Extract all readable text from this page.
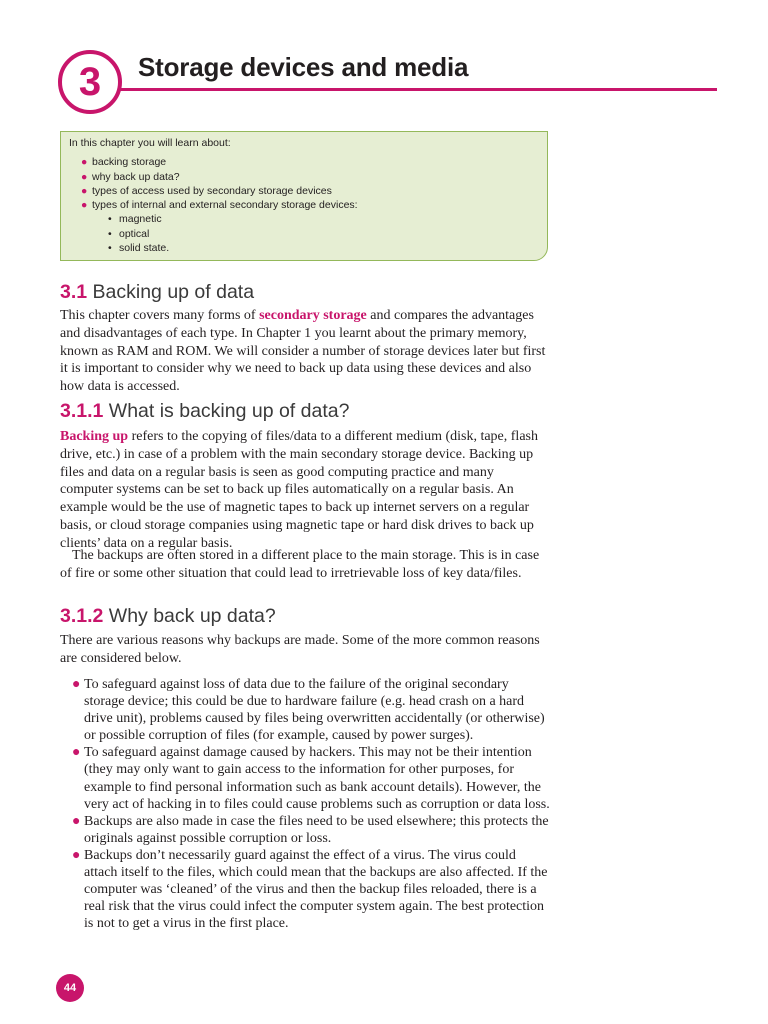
3 Storage devices and media
In this chapter you will learn about:
● backing storage
● why back up data?
● types of access used by secondary storage devices
● types of internal and external secondary storage devices:
• magnetic
• optical
• solid state.
3.1 Backing up of data

This chapter covers many forms of secondary storage and compares the advantages and disadvantages of each type. In Chapter 1 you learnt about the primary memory, known as RAM and ROM. We will consider a number of storage devices later but first it is important to consider why we need to back up data using these devices and also how data is accessed.

3.1.1 What is backing up of data?

Backing up refers to the copying of files/data to a different medium (disk, tape, flash drive, etc.) in case of a problem with the main secondary storage device. Backing up files and data on a regular basis is seen as good computing practice and many computer systems can be set to back up files automatically on a regular basis. An example would be the use of magnetic tapes to back up internet servers on a regular basis, or cloud storage companies using magnetic tape or hard disk drives to back up clients’ data on a regular basis.

The backups are often stored in a different place to the main storage. This is in case of fire or some other situation that could lead to irretrievable loss of key data/files.

3.1.2 Why back up data?

There are various reasons why backups are made. Some of the more common reasons are considered below.

● To safeguard against loss of data due to the failure of the original secondary storage device; this could be due to hardware failure (e.g. head crash on a hard drive unit), problems caused by files being overwritten accidentally (or otherwise) or possible corruption of files (for example, caused by power surges).
● To safeguard against damage caused by hackers. This may not be their intention (they may only want to gain access to the information for other purposes, for example to find personal information such as bank account details). However, the very act of hacking in to files could cause problems such as corruption or data loss.
● Backups are also made in case the files need to be used elsewhere; this protects the originals against possible corruption or loss.
● Backups don’t necessarily guard against the effect of a virus. The virus could attach itself to the files, which could mean that the backups are also affected. If the computer was ‘cleaned’ of the virus and then the backup files reloaded, there is a real risk that the virus could infect the computer system again. The best protection is not to get a virus in the first place.
44
